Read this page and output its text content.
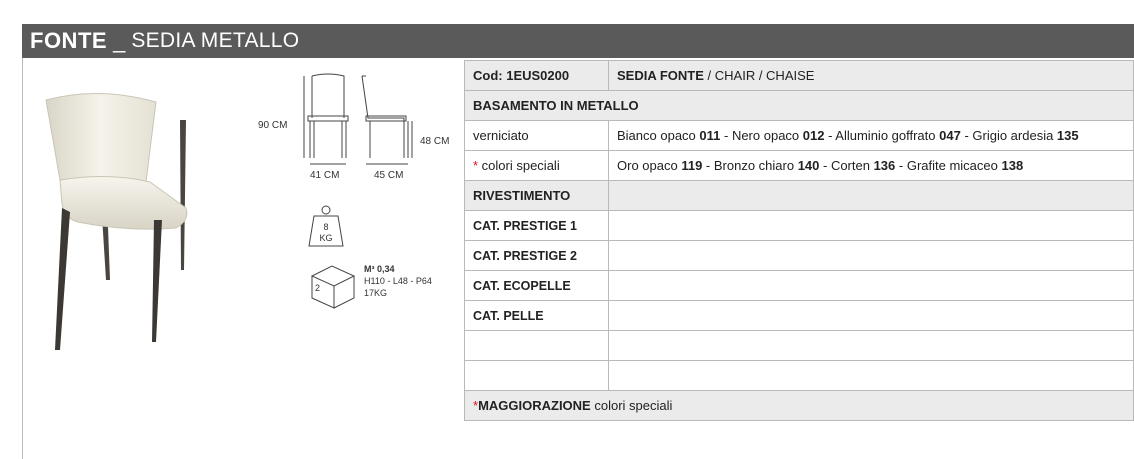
FONTE _ SEDIA METALLO
90 CM
48 CM
41 CM	45 CM
8
KG
2
M³ 0,34
H110 - L48 - P64
17KG
Cod: 1EUS0200	SEDIA FONTE / CHAIR / CHAISE
BASAMENTO IN METALLO	
verniciato	Bianco opaco 011 - Nero opaco 012 - Alluminio goffrato 047 - Grigio ardesia 135
* colori speciali	Oro opaco 119 - Bronzo chiaro 140 - Corten 136 - Grafite micaceo 138
RIVESTIMENTO	
CAT. PRESTIGE 1	
CAT. PRESTIGE 2	
CAT. ECOPELLE	
CAT. PELLE	

*MAGGIORAZIONE colori speciali	
